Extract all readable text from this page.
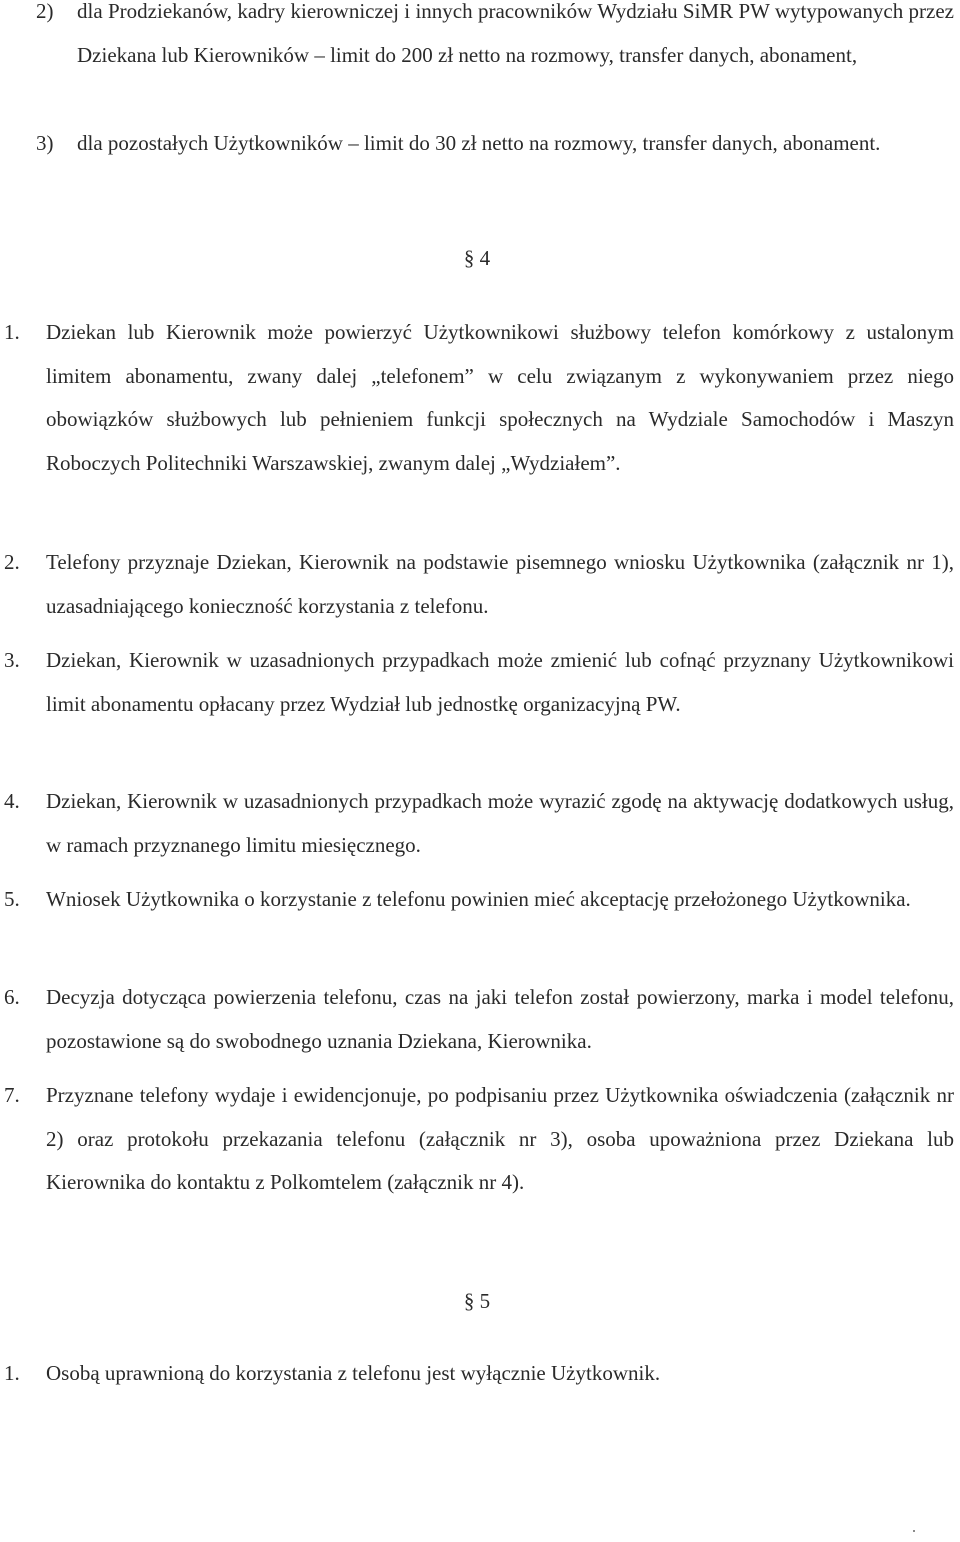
2)	dla Prodziekanów, kadry kierowniczej i innych pracowników Wydziału SiMR PW wytypowanych przez Dziekana lub Kierowników – limit do 200 zł netto na rozmowy, transfer danych, abonament,
3)	dla pozostałych Użytkowników – limit do 30 zł netto na rozmowy, transfer danych, abonament.
§ 4
1. Dziekan lub Kierownik może powierzyć Użytkownikowi służbowy telefon komórkowy z ustalonym limitem abonamentu, zwany dalej „telefonem” w celu związanym z wykonywaniem przez niego obowiązków służbowych lub pełnieniem funkcji społecznych na Wydziale Samochodów i Maszyn Roboczych Politechniki Warszawskiej, zwanym dalej „Wydziałem”.
2. Telefony przyznaje Dziekan, Kierownik na podstawie pisemnego wniosku Użytkownika (załącznik nr 1), uzasadniającego konieczność korzystania z telefonu.
3. Dziekan, Kierownik w uzasadnionych przypadkach może zmienić lub cofnąć przyznany Użytkownikowi limit abonamentu opłacany przez Wydział lub jednostkę organizacyjną PW.
4. Dziekan, Kierownik w uzasadnionych przypadkach może wyrazić zgodę na aktywację dodatkowych usług, w ramach przyznanego limitu miesięcznego.
5. Wniosek Użytkownika o korzystanie z telefonu powinien mieć akceptację przełożonego Użytkownika.
6. Decyzja dotycząca powierzenia telefonu, czas na jaki telefon został powierzony, marka i model telefonu, pozostawione są do swobodnego uznania Dziekana, Kierownika.
7. Przyznane telefony wydaje i ewidencjonuje, po podpisaniu przez Użytkownika oświadczenia (załącznik nr 2) oraz protokołu przekazania telefonu (załącznik nr 3), osoba upoważniona przez Dziekana lub Kierownika do kontaktu z Polkomtelem (załącznik nr 4).
§ 5
1. Osobą uprawnioną do korzystania z telefonu jest wyłącznie Użytkownik.
